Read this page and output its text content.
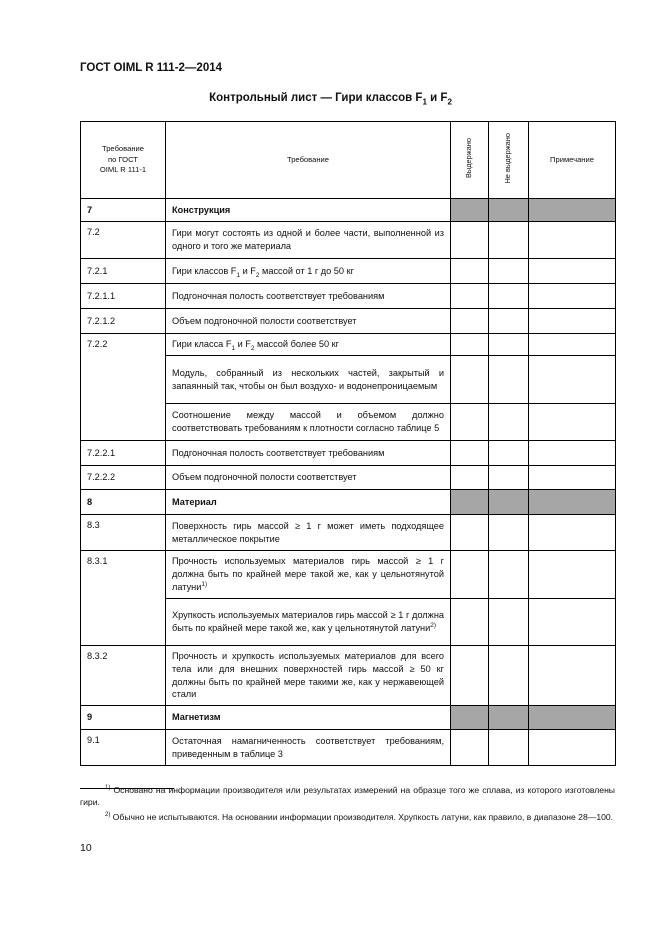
ГОСТ OIML R 111-2—2014
Контрольный лист — Гири классов $F_1$ и $F_2$
Требование
по ГОСТ
OIML R 111-1	Требование	Выдержано	Не выдержано	Примечание
7	Конструкция			
7.2	Гири могут состоять из одной и более части, выполненной из одного и того же материала			
7.2.1	Гири классов $F_1$ и $F_2$ массой от 1 г до 50 кг			
7.2.1.1	Подгоночная полость соответствует требованиям			
7.2.1.2	Объем подгоночной полости соответствует			
7.2.2	Гири класса $F_1$ и $F_2$ массой более 50 кг			
	Модуль, собранный из нескольких частей, закрытый и запаянный так, чтобы он был воздухо- и водонепроницаемым			
	Соотношение между массой и объемом должно соответствовать требованиям к плотности согласно таблице 5			
7.2.2.1	Подгоночная полость соответствует требованиям			
7.2.2.2	Объем подгоночной полости соответствует			
8	Материал			
8.3	Поверхность гирь массой ≥ 1 г может иметь подходящее металлическое покрытие			
8.3.1	Прочность используемых материалов гирь массой ≥ 1 г должна быть по крайней мере такой же, как у цельнотянутой латуни$^{1)}$			
	Хрупкость используемых материалов гирь массой ≥ 1 г должна быть по крайней мере такой же, как у цельнотянутой латуни$^{2)}$			
8.3.2	Прочность и хрупкость используемых материалов для всего тела или для внешних поверхностей гирь массой ≥ 50 кг должны быть по крайней мере такими же, как у нержавеющей стали			
9	Магнетизм			
9.1	Остаточная намагниченность соответствует требованиям, приведенным в таблице 3			

$^{1)}$ Основано на информации производителя или результатах измерений на образце того же сплава, из которого изготовлены гири.

$^{2)}$ Обычно не испытываются. На основании информации производителя. Хрупкость латуни, как правило, в диапазоне 28—100.

10
